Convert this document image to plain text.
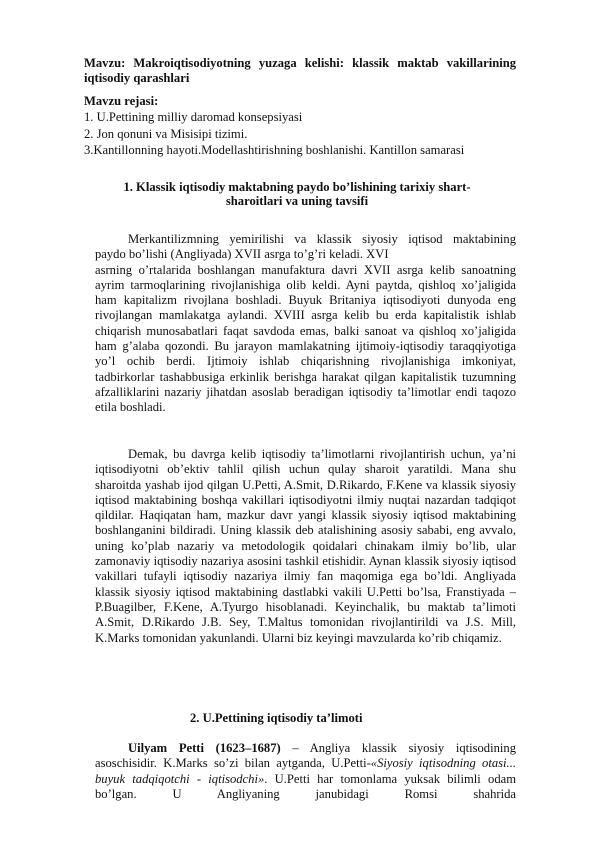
Mavzu: Makroiqtisodiyotning yuzaga kelishi: klassik maktab vakillarining iqtisodiy qarashlari
Mavzu rejasi:
1. U.Pettining milliy daromad konsepsiyasi
2. Jon qonuni va Misisipi tizimi.
3.Kantillonning hayoti.Modellashtirishning boshlanishi. Kantillon samarasi
1. Klassik iqtisodiy maktabning paydo bo’lishining tarixiy shart-
sharoitlari va uning tavsifi
Merkantilizmning yemirilishi va klassik siyosiy iqtisod maktabining
paydo bo’lishi (Angliyada) XVII asrga to’g’ri keladi. XVI
asrning o’rtalarida boshlangan manufaktura davri XVII asrga kelib sanoatning ayrim tarmoqlarining rivojlanishiga olib keldi. Ayni paytda, qishloq xo’jaligida ham kapitalizm rivojlana boshladi. Buyuk Britaniya iqtisodiyoti dunyoda eng rivojlangan mamlakatga aylandi. XVIII asrga kelib bu erda kapitalistik ishlab chiqarish munosabatlari faqat savdoda emas, balki sanoat va qishloq xo’jaligida ham g’alaba qozondi. Bu jarayon mamlakatning ijtimoiy-iqtisodiy taraqqiyotiga yo’l ochib berdi. Ijtimoiy ishlab chiqarishning rivojlanishiga imkoniyat, tadbirkorlar tashabbusiga erkinlik berishga harakat qilgan kapitalistik tuzumning afzalliklarini nazariy jihatdan asoslab beradigan iqtisodiy ta’limotlar endi taqozo etila boshladi.

Demak, bu davrga kelib iqtisodiy ta’limotlarni rivojlantirish uchun, ya’ni iqtisodiyotni ob’ektiv tahlil qilish uchun qulay sharoit yaratildi. Mana shu sharoitda yashab ijod qilgan U.Petti, A.Smit, D.Rikardo, F.Kene va klassik siyosiy iqtisod maktabining boshqa vakillari iqtisodiyotni ilmiy nuqtai nazardan tadqiqot qildilar. Haqiqatan ham, mazkur davr yangi klassik siyosiy iqtisod maktabining boshlanganini bildiradi. Uning klassik deb atalishining asosiy sababi, eng avvalo, uning ko’plab nazariy va metodologik qoidalari chinakam ilmiy bo’lib, ular zamonaviy iqtisodiy nazariya asosini tashkil etishidir. Aynan klassik siyosiy iqtisod vakillari tufayli iqtisodiy nazariya ilmiy fan maqomiga ega bo’ldi. Angliyada klassik siyosiy iqtisod maktabining dastlabki vakili U.Petti bo’lsa, Franstiyada – P.Buagilber, F.Kene, A.Tyurgo hisoblanadi. Keyinchalik, bu maktab ta’limoti A.Smit, D.Rikardo J.B. Sey, T.Maltus tomonidan rivojlantirildi va J.S. Mill, K.Marks tomonidan yakunlandi. Ularni biz keyingi mavzularda ko’rib chiqamiz.

2. U.Pettining iqtisodiy ta’limoti

Uilyam Petti (1623–1687) – Angliya klassik siyosiy iqtisodining asoschisidir. K.Marks so’zi bilan aytganda, U.Petti-«Siyosiy iqtisodning otasi... buyuk tadqiqotchi - iqtisodchi». U.Petti har tomonlama yuksak bilimli odam bo’lgan. U Angliyaning janubidagi Romsi shahrida
